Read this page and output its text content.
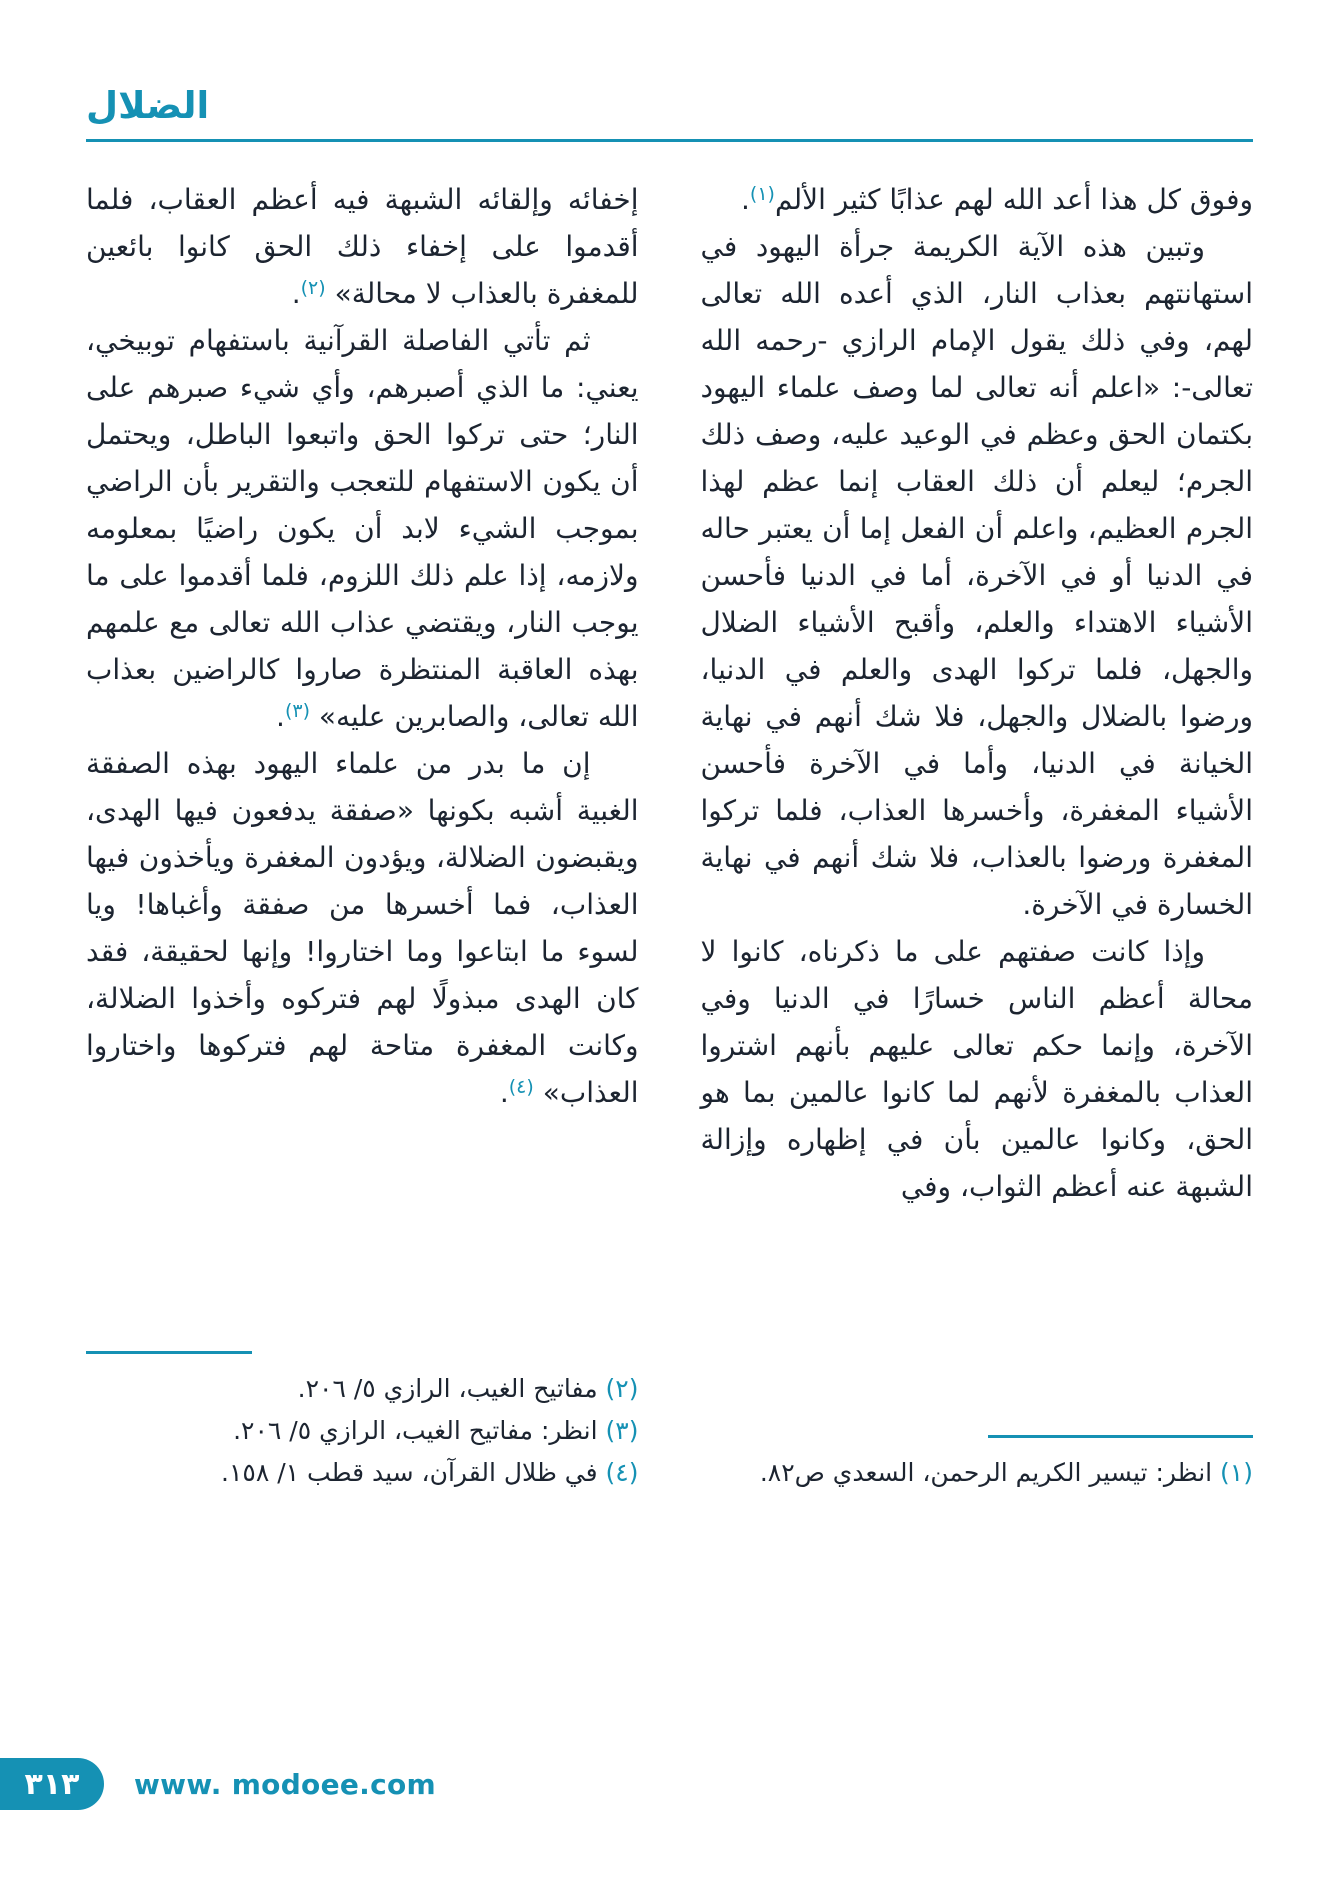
الضلال

وفوق كل هذا أعد الله لهم عذابًا كثير الألم$^{(١)}$.

وتبين هذه الآية الكريمة جرأة اليهود في استهانتهم بعذاب النار، الذي أعده الله تعالى لهم، وفي ذلك يقول الإمام الرازي -رحمه الله تعالى-: «اعلم أنه تعالى لما وصف علماء اليهود بكتمان الحق وعظم في الوعيد عليه، وصف ذلك الجرم؛ ليعلم أن ذلك العقاب إنما عظم لهذا الجرم العظيم، واعلم أن الفعل إما أن يعتبر حاله في الدنيا أو في الآخرة، أما في الدنيا فأحسن الأشياء الاهتداء والعلم، وأقبح الأشياء الضلال والجهل، فلما تركوا الهدى والعلم في الدنيا، ورضوا بالضلال والجهل، فلا شك أنهم في نهاية الخيانة في الدنيا، وأما في الآخرة فأحسن الأشياء المغفرة، وأخسرها العذاب، فلما تركوا المغفرة ورضوا بالعذاب، فلا شك أنهم في نهاية الخسارة في الآخرة.

وإذا كانت صفتهم على ما ذكرناه، كانوا لا محالة أعظم الناس خسارًا في الدنيا وفي الآخرة، وإنما حكم تعالى عليهم بأنهم اشتروا العذاب بالمغفرة لأنهم لما كانوا عالمين بما هو الحق، وكانوا عالمين بأن في إظهاره وإزالة الشبهة عنه أعظم الثواب، وفي

(١) انظر: تيسير الكريم الرحمن، السعدي ص٨٢.

إخفائه وإلقائه الشبهة فيه أعظم العقاب، فلما أقدموا على إخفاء ذلك الحق كانوا بائعين للمغفرة بالعذاب لا محالة» $^{(٢)}$.

ثم تأتي الفاصلة القرآنية باستفهام توبيخي، يعني: ما الذي أصبرهم، وأي شيء صبرهم على النار؛ حتى تركوا الحق واتبعوا الباطل، ويحتمل أن يكون الاستفهام للتعجب والتقرير بأن الراضي بموجب الشيء لابد أن يكون راضيًا بمعلومه ولازمه، إذا علم ذلك اللزوم، فلما أقدموا على ما يوجب النار، ويقتضي عذاب الله تعالى مع علمهم بهذه العاقبة المنتظرة صاروا كالراضين بعذاب الله تعالى، والصابرين عليه» $^{(٣)}$.

إن ما بدر من علماء اليهود بهذه الصفقة الغبية أشبه بكونها «صفقة يدفعون فيها الهدى، ويقبضون الضلالة، ويؤدون المغفرة ويأخذون فيها العذاب، فما أخسرها من صفقة وأغباها! ويا لسوء ما ابتاعوا وما اختاروا! وإنها لحقيقة، فقد كان الهدى مبذولًا لهم فتركوه وأخذوا الضلالة، وكانت المغفرة متاحة لهم فتركوها واختاروا العذاب» $^{(٤)}$.

(٢) مفاتيح الغيب، الرازي ٥/ ٢٠٦.
(٣) انظر: مفاتيح الغيب، الرازي ٥/ ٢٠٦.
(٤) في ظلال القرآن، سيد قطب ١/ ١٥٨.
٣١٣ www. modoee.com
